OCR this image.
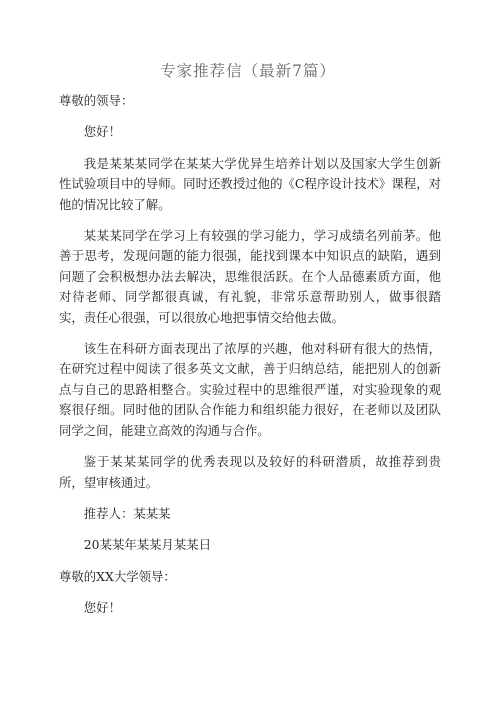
专家推荐信（最新7篇）

尊敬的领导：

您好！

我是某某某同学在某某大学优异生培养计划以及国家大学生创新性试验项目中的导师。同时还教授过他的《C程序设计技术》课程，对他的情况比较了解。

某某某同学在学习上有较强的学习能力，学习成绩名列前茅。他善于思考，发现问题的能力很强，能找到课本中知识点的缺陷，遇到问题了会积极想办法去解决，思维很活跃。在个人品德素质方面，他对待老师、同学都很真诚，有礼貌，非常乐意帮助别人，做事很踏实，责任心很强，可以很放心地把事情交给他去做。

该生在科研方面表现出了浓厚的兴趣，他对科研有很大的热情，在研究过程中阅读了很多英文文献，善于归纳总结，能把别人的创新点与自己的思路相整合。实验过程中的思维很严谨，对实验现象的观察很仔细。同时他的团队合作能力和组织能力很好，在老师以及团队同学之间，能建立高效的沟通与合作。

鉴于某某某同学的优秀表现以及较好的科研潜质，故推荐到贵所，望审核通过。

推荐人：某某某

20某某年某某月某某日

尊敬的XX大学领导：

您好！
